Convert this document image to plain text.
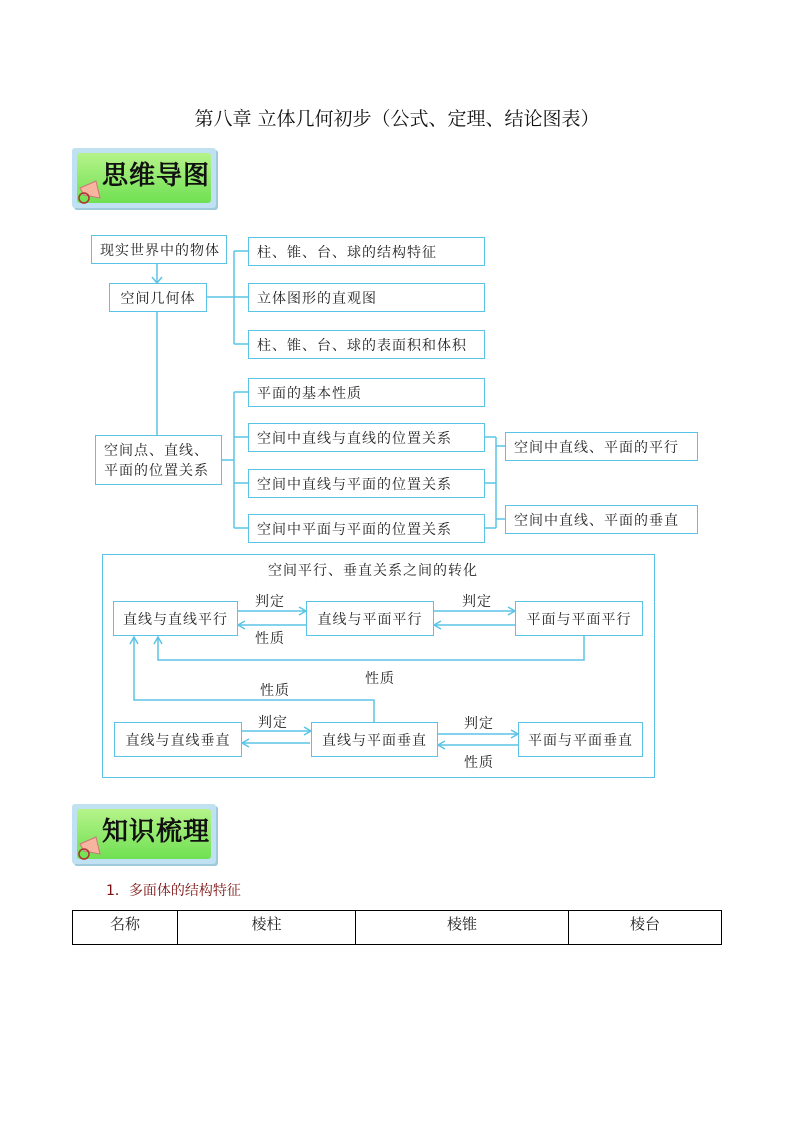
第八章 立体几何初步（公式、定理、结论图表）
思维导图
现实世界中的物体
空间几何体
柱、锥、台、球的结构特征
立体图形的直观图
柱、锥、台、球的表面积和体积
空间点、直线、
平面的位置关系
平面的基本性质
空间中直线与直线的位置关系
空间中直线与平面的位置关系
空间中平面与平面的位置关系
空间中直线、平面的平行
空间中直线、平面的垂直
空间平行、垂直关系之间的转化
直线与直线平行	直线与平面平行	平面与平面平行
直线与直线垂直	直线与平面垂直	平面与平面垂直
判定	判定
性质
性质
性质
判定	判定
性质
知识梳理
1．多面体的结构特征
名称	棱柱	棱锥	棱台
